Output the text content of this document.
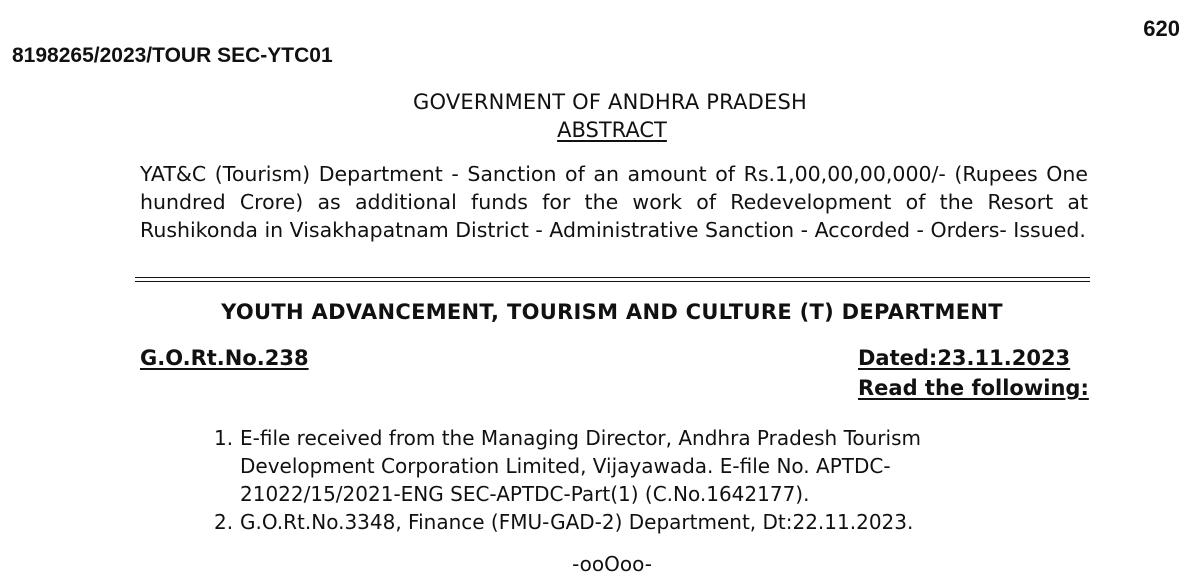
620
8198265/2023/TOUR SEC-YTC01
GOVERNMENT OF ANDHRA PRADESH
ABSTRACT
YAT&C (Tourism) Department - Sanction of an amount of Rs.1,00,00,00,000/- (Rupees One hundred Crore) as additional funds for the work of Redevelopment of the Resort at Rushikonda in Visakhapatnam District - Administrative Sanction - Accorded - Orders- Issued.
YOUTH ADVANCEMENT, TOURISM AND CULTURE (T) DEPARTMENT
G.O.Rt.No.238	Dated:23.11.2023
Read the following:
1. E-file received from the Managing Director, Andhra Pradesh Tourism Development Corporation Limited, Vijayawada. E-file No. APTDC-21022/15/2021-ENG SEC-APTDC-Part(1) (C.No.1642177).
2. G.O.Rt.No.3348, Finance (FMU-GAD-2) Department, Dt:22.11.2023.
-ooOoo-
